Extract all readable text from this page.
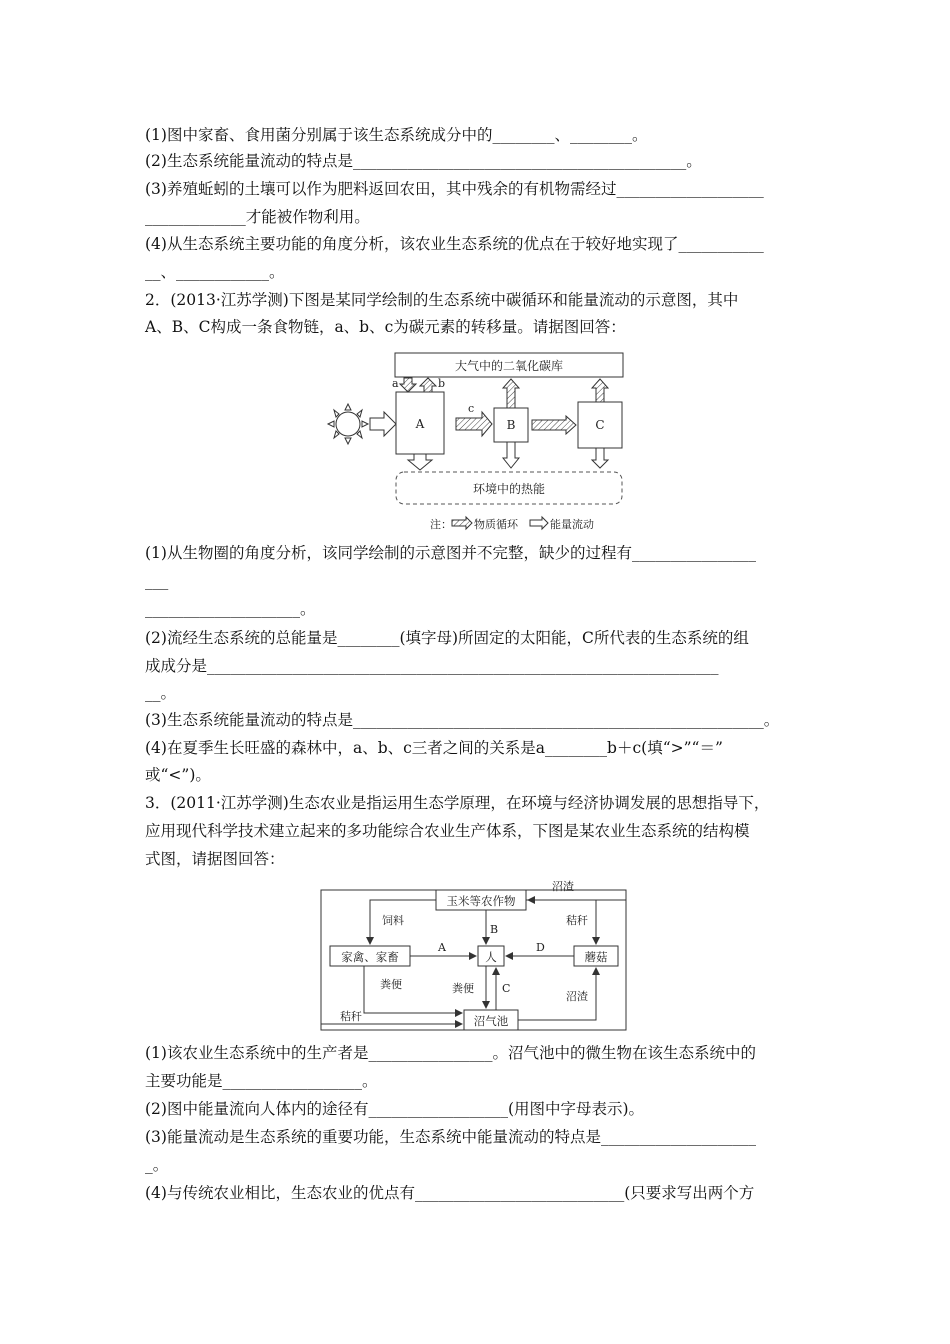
(1)图中家畜、食用菌分别属于该生态系统成分中的________、________。
(2)生态系统能量流动的特点是___________________________________________。
(3)养殖蚯蚓的土壤可以作为肥料返回农田，其中残余的有机物需经过___________________
_____________才能被作物利用。
(4)从生态系统主要功能的角度分析，该农业生态系统的优点在于较好地实现了___________
__、____________。
2．(2013·江苏学测)下图是某同学绘制的生态系统中碳循环和能量流动的示意图，其中
A、B、C构成一条食物链，a、b、c为碳元素的转移量。请据图回答：
大气中的二氧化碳库
A	B	C
a	b
c
环境中的热能
注： 物质循环	能量流动
(1)从生物圈的角度分析，该同学绘制的示意图并不完整，缺少的过程有________________
___
____________________。
(2)流经生态系统的总能量是________(填字母)所固定的太阳能，C所代表的生态系统的组
成成分是__________________________________________________________________
__。
(3)生态系统能量流动的特点是_____________________________________________________。
(4)在夏季生长旺盛的森林中，a、b、c三者之间的关系是a________b＋c(填“>”“＝”
或“<”)。
3．(2011·江苏学测)生态农业是指运用生态学原理，在环境与经济协调发展的思想指导下，
应用现代科学技术建立起来的多功能综合农业生产体系，下图是某农业生态系统的结构模
式图，请据图回答：
玉米等农作物
家禽、家畜	人	蘑菇
沼气池
沼渣
饲料	秸秆
B
A	D
粪便
秸秆
粪便	C
沼渣
(1)该农业生态系统中的生产者是________________。沼气池中的微生物在该生态系统中的
主要功能是__________________。
(2)图中能量流向人体内的途径有__________________(用图中字母表示)。
(3)能量流动是生态系统的重要功能，生态系统中能量流动的特点是____________________
_。
(4)与传统农业相比，生态农业的优点有___________________________(只要求写出两个方
